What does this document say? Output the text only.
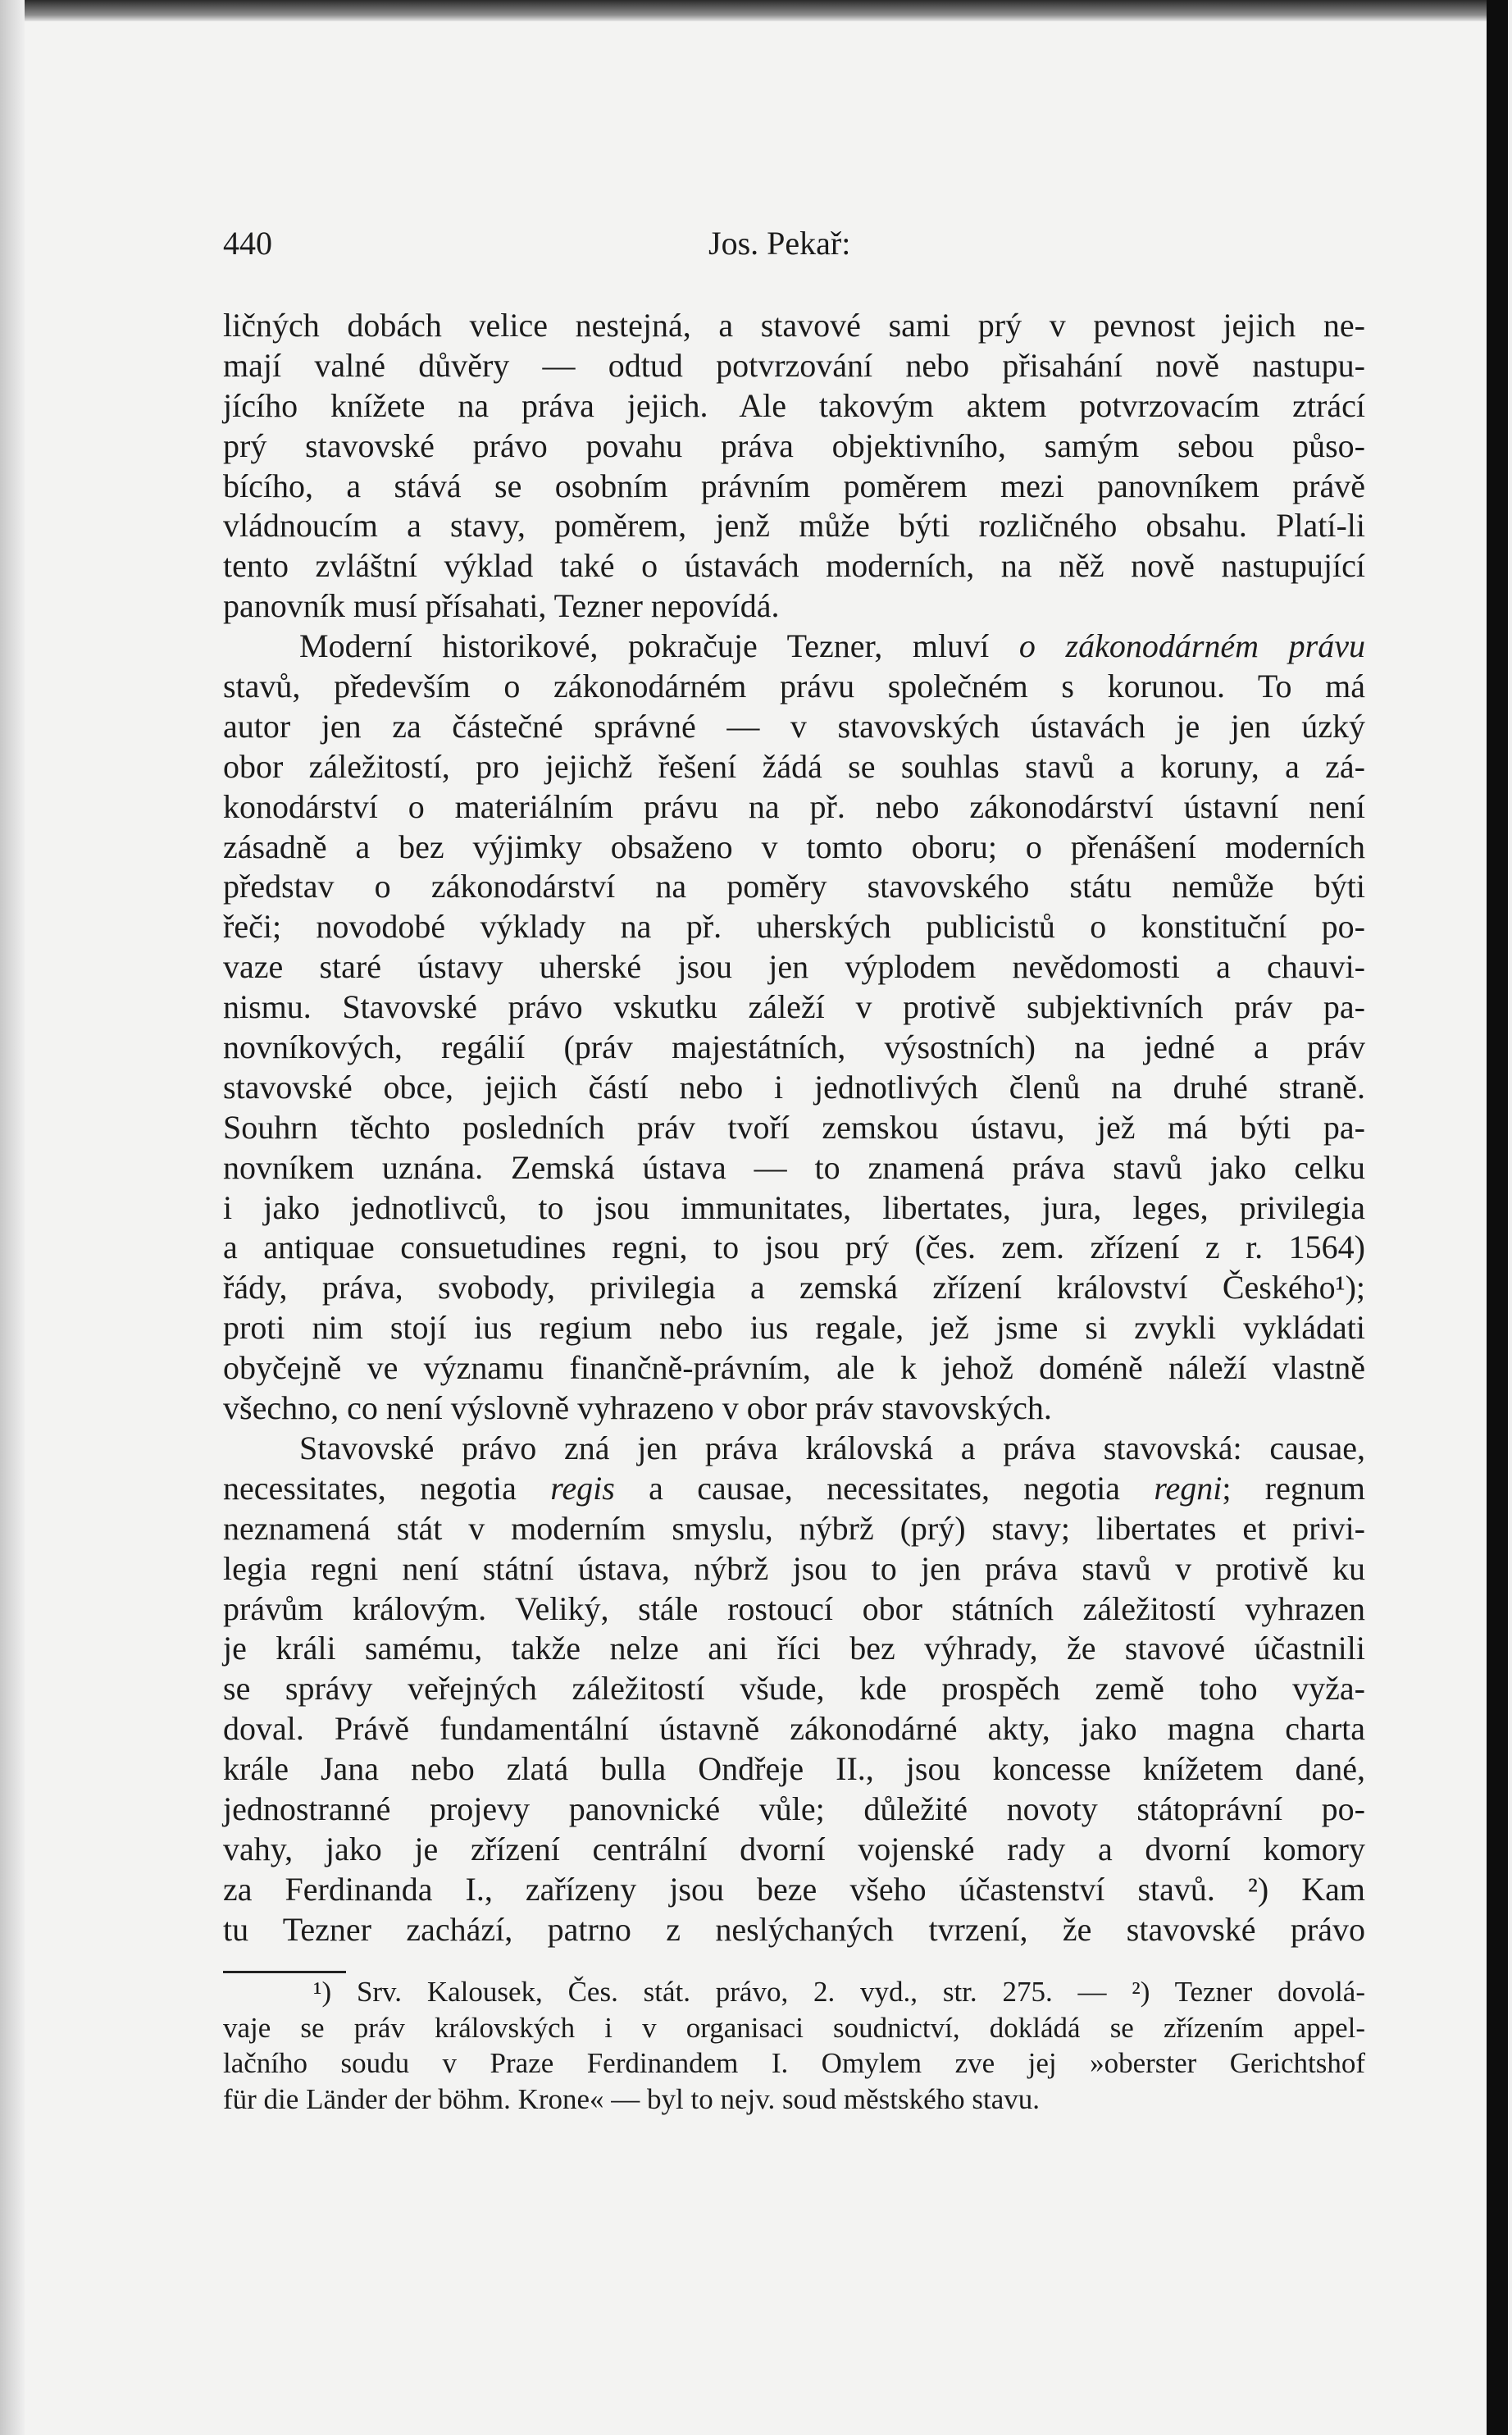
440	Jos. Pekař:
ličných dobách velice nestejná, a stavové sami prý v pevnost jejich ne-
mají valné důvěry — odtud potvrzování nebo přisahání nově nastupu-
jícího knížete na práva jejich. Ale takovým aktem potvrzovacím ztrácí
prý stavovské právo povahu práva objektivního, samým sebou půso-
bícího, a stává se osobním právním poměrem mezi panovníkem právě
vládnoucím a stavy, poměrem, jenž může býti rozličného obsahu. Platí-li
tento zvláštní výklad také o ústavách moderních, na něž nově nastupující
panovník musí přísahati, Tezner nepovídá.
Moderní historikové, pokračuje Tezner, mluví o zákonodárném právu
stavů, především o zákonodárném právu společném s korunou. To má
autor jen za částečné správné — v stavovských ústavách je jen úzký
obor záležitostí, pro jejichž řešení žádá se souhlas stavů a koruny, a zá-
konodárství o materiálním právu na př. nebo zákonodárství ústavní není
zásadně a bez výjimky obsaženo v tomto oboru; o přenášení moderních
představ o zákonodárství na poměry stavovského státu nemůže býti
řeči; novodobé výklady na př. uherských publicistů o konstituční po-
vaze staré ústavy uherské jsou jen výplodem nevědomosti a chauvi-
nismu. Stavovské právo vskutku záleží v protivě subjektivních práv pa-
novníkových, regálií (práv majestátních, výsostních) na jedné a práv
stavovské obce, jejich částí nebo i jednotlivých členů na druhé straně.
Souhrn těchto posledních práv tvoří zemskou ústavu, jež má býti pa-
novníkem uznána. Zemská ústava — to znamená práva stavů jako celku
i jako jednotlivců, to jsou immunitates, libertates, jura, leges, privilegia
a antiquae consuetudines regni, to jsou prý (čes. zem. zřízení z r. 1564)
řády, práva, svobody, privilegia a zemská zřízení království Českého¹);
proti nim stojí ius regium nebo ius regale, jež jsme si zvykli vykládati
obyčejně ve významu finančně-právním, ale k jehož doméně náleží vlastně
všechno, co není výslovně vyhrazeno v obor práv stavovských.
Stavovské právo zná jen práva královská a práva stavovská: causae,
necessitates, negotia regis a causae, necessitates, negotia regni; regnum
neznamená stát v moderním smyslu, nýbrž (prý) stavy; libertates et privi-
legia regni není státní ústava, nýbrž jsou to jen práva stavů v protivě ku
právům královým. Veliký, stále rostoucí obor státních záležitostí vyhrazen
je králi samému, takže nelze ani říci bez výhrady, že stavové účastnili
se správy veřejných záležitostí všude, kde prospěch země toho vyža-
doval. Právě fundamentální ústavně zákonodárné akty, jako magna charta
krále Jana nebo zlatá bulla Ondřeje II., jsou koncesse knížetem dané,
jednostranné projevy panovnické vůle; důležité novoty státoprávní po-
vahy, jako je zřízení centrální dvorní vojenské rady a dvorní komory
za Ferdinanda I., zařízeny jsou beze všeho účastenství stavů. ²) Kam
tu Tezner zachází, patrno z neslýchaných tvrzení, že stavovské právo
¹) Srv. Kalousek, Čes. stát. právo, 2. vyd., str. 275. — ²) Tezner dovolá-
vaje se práv královských i v organisaci soudnictví, dokládá se zřízením appel-
lačního soudu v Praze Ferdinandem I. Omylem zve jej »oberster Gerichtshof
für die Länder der böhm. Krone« — byl to nejv. soud městského stavu.
